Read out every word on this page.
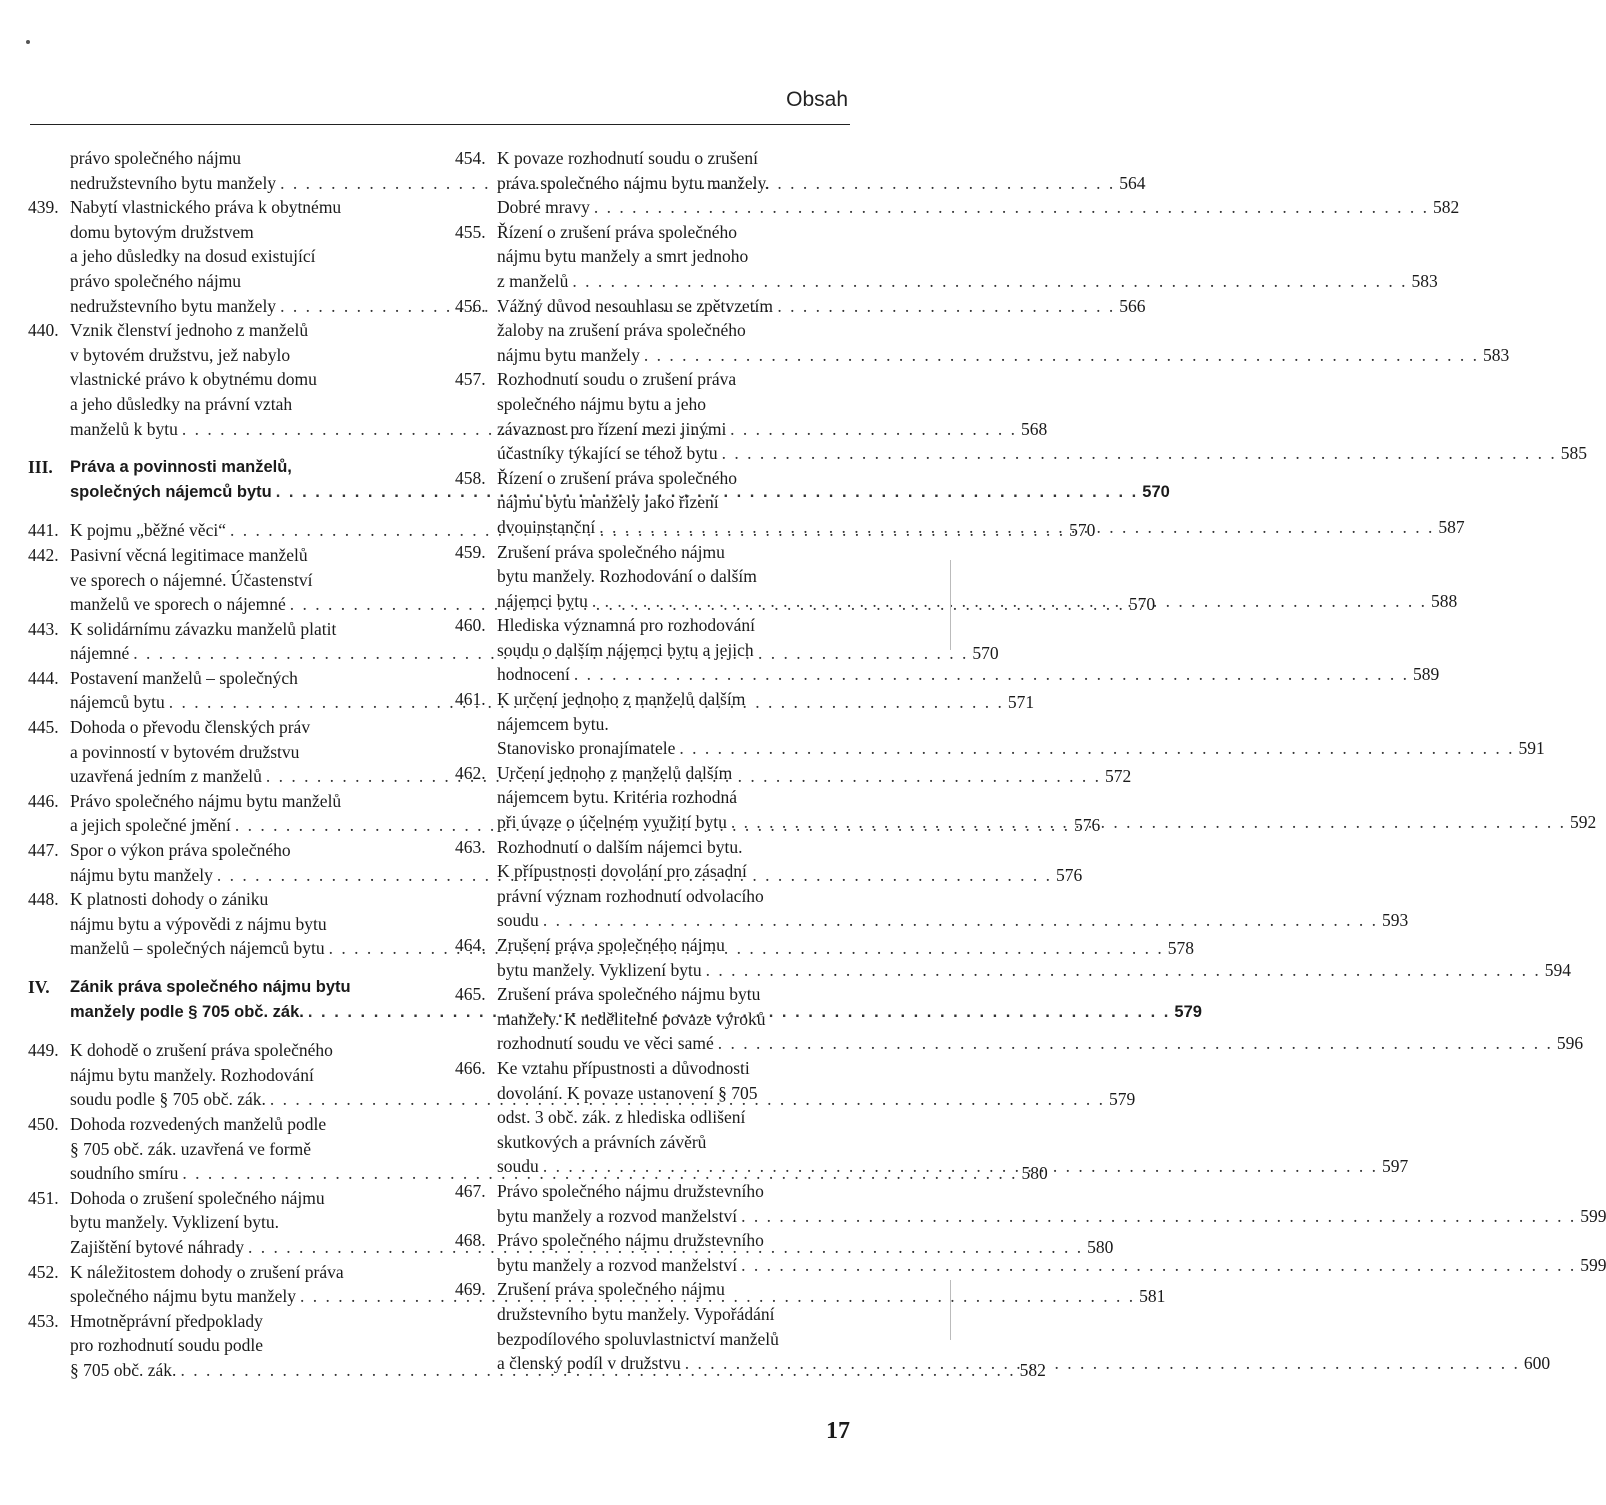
Obsah
právo společného nájmu
nedružstevního bytu manžely . . .	564
439. Nabytí vlastnického práva k obytnému
domu bytovým družstvem
a jeho důsledky na dosud existující
právo společného nájmu
nedružstevního bytu manžely . . .	566
440. Vznik členství jednoho z manželů
v bytovém družstvu, jež nabylo
vlastnické právo k obytnému domu
a jeho důsledky na právní vztah
manželů k bytu . . .	568
III.	Práva a povinnosti manželů,
společných nájemců bytu . . .	570
441. K pojmu „běžné věci“ . . .	570
442. Pasivní věcná legitimace manželů
ve sporech o nájemné. Účastenství
manželů ve sporech o nájemné . . .	570
443. K solidárnímu závazku manželů platit
nájemné . . .	570
444. Postavení manželů – společných
nájemců bytu . . .	571
445. Dohoda o převodu členských práv
a povinností v bytovém družstvu
uzavřená jedním z manželů . . .	572
446. Právo společného nájmu bytu manželů
a jejich společné jmění . . .	576
447. Spor o výkon práva společného
nájmu bytu manžely . . .	576
448. K platnosti dohody o zániku
nájmu bytu a výpovědi z nájmu bytu
manželů – společných nájemců bytu . . .	578
IV.	Zánik práva společného nájmu bytu
manžely podle § 705 obč. zák. . . .	579
449. K dohodě o zrušení práva společného
nájmu bytu manžely. Rozhodování
soudu podle § 705 obč. zák. . . .	579
450. Dohoda rozvedených manželů podle
§ 705 obč. zák. uzavřená ve formě
soudního smíru . . .	580
451. Dohoda o zrušení společného nájmu
bytu manžely. Vyklizení bytu.
Zajištění bytové náhrady . . .	580
452. K náležitostem dohody o zrušení práva
společného nájmu bytu manžely . . .	581
453. Hmotněprávní předpoklady
pro rozhodnutí soudu podle
§ 705 obč. zák. . . .	582
454. K povaze rozhodnutí soudu o zrušení
práva společného nájmu bytu manžely.
Dobré mravy . . .	582
455. Řízení o zrušení práva společného
nájmu bytu manžely a smrt jednoho
z manželů . . .	583
456. Vážný důvod nesouhlasu se zpětvzetím
žaloby na zrušení práva společného
nájmu bytu manžely . . .	583
457. Rozhodnutí soudu o zrušení práva
společného nájmu bytu a jeho
závaznost pro řízení mezi jinými
účastníky týkající se téhož bytu . . .	585
458. Řízení o zrušení práva společného
nájmu bytu manžely jako řízení
dvouinstanční . . .	587
459. Zrušení práva společného nájmu
bytu manžely. Rozhodování o dalším
nájemci bytu . . .	588
460. Hlediska významná pro rozhodování
soudu o dalším nájemci bytu a jejich
hodnocení . . .	589
461. K určení jednoho z manželů dalším
nájemcem bytu.
Stanovisko pronajímatele . . .	591
462. Určení jednoho z manželů dalším
nájemcem bytu. Kritéria rozhodná
při úvaze o účelném využití bytu . . .	592
463. Rozhodnutí o dalším nájemci bytu.
K přípustnosti dovolání pro zásadní
právní význam rozhodnutí odvolacího
soudu . . .	593
464. Zrušení práva společného nájmu
bytu manžely. Vyklizení bytu . . .	594
465. Zrušení práva společného nájmu bytu
manžely. K nedělitelné povaze výroků
rozhodnutí soudu ve věci samé . . .	596
466. Ke vztahu přípustnosti a důvodnosti
dovolání. K povaze ustanovení § 705
odst. 3 obč. zák. z hlediska odlišení
skutkových a právních závěrů
soudu . . .	597
467. Právo společného nájmu družstevního
bytu manžely a rozvod manželství . . .	599
468. Právo společného nájmu družstevního
bytu manžely a rozvod manželství . . .	599
469. Zrušení práva společného nájmu
družstevního bytu manžely. Vypořádání
bezpodílového spoluvlastnictví manželů
a členský podíl v družstvu . . .	600
17
